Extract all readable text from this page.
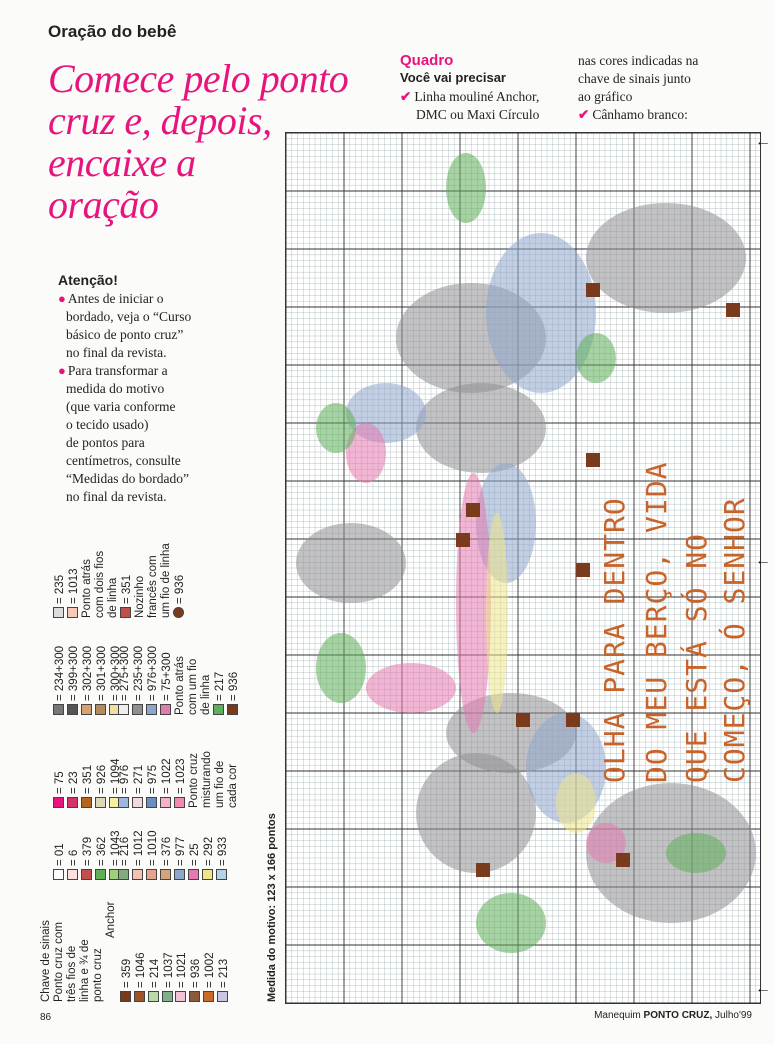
Oração do bebê
Comece pelo ponto
cruz e, depois,
encaixe a
oração
Atenção!
● Antes de iniciar o
bordado, veja o “Curso
básico de ponto cruz”
no final da revista.
● Para transformar a
medida do motivo
(que varia conforme
o tecido usado)
de pontos para
centímetros, consulte
“Medidas do bordado”
no final da revista.
Quadro
Você vai precisar
✔ Linha mouliné Anchor,
DMC ou Maxi Círculo
nas cores indicadas na
chave de sinais junto
ao gráfico
✔ Cânhamo branco:
OLHA PARA DENTRO DO MEU BERÇO, VIDA QUE ESTÁ SÓ NO COMEÇO, Ó SENHOR
←
←
←
Chave de sinais Ponto cruz com três fios de linha e ¾ de ponto cruz
Anchor
= 359 = 1046 = 214 = 1037 = 1021 = 936 = 1002 = 213
= 01 = 6 = 379 = 362 = 1043
= 216 = 1012 = 1010 = 376 = 977 = 25 = 292 = 933
= 75 = 23 = 351 = 926 = 1094
= 976 = 271 = 975 = 1022 = 1023 Ponto cruz misturando um fio de cada cor
= 234+300 = 399+300 = 302+300 = 301+300 = 300+300
= 275+300 = 235+300 = 976+300 = 75+300 Ponto atrás com um fio de linha = 217 = 936
= 235 = 1013 Ponto atrás com dois fios de linha = 351 Nozinho francês com um fio de linha = 936
Medida do motivo: 123 x 166 pontos
86	Manequim PONTO CRUZ, Julho'99
